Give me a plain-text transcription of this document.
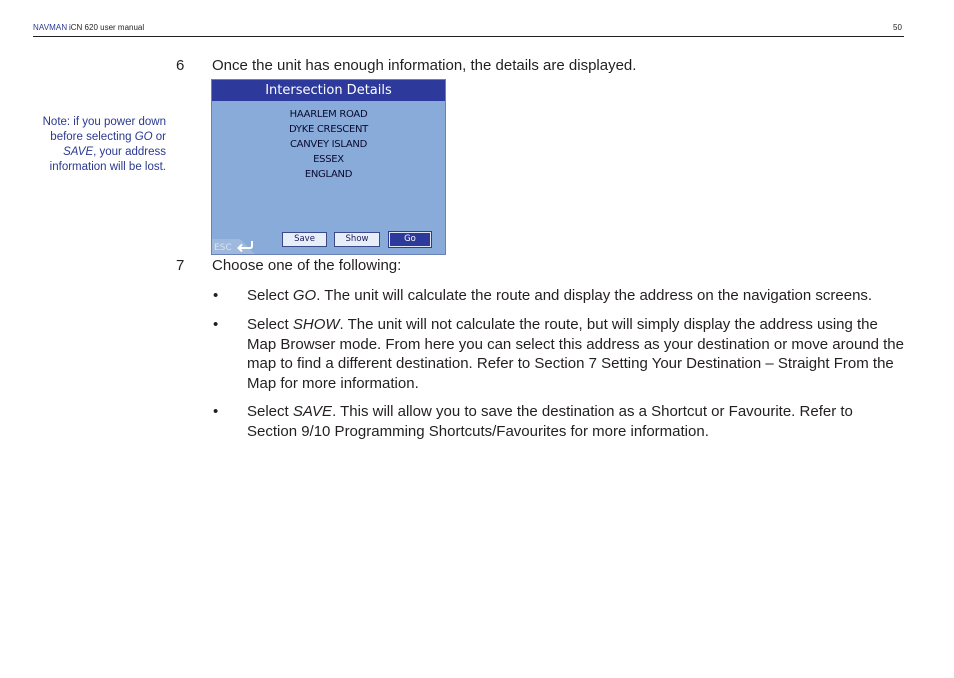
NAVMAN iCN 620 user manual	50
6 Once the unit has enough information, the details are displayed.
Note: if you power down before selecting GO or SAVE, your address information will be lost.
Intersection Details
HAARLEM ROAD
DYKE CRESCENT
CANVEY ISLAND
ESSEX
ENGLAND
Save	Show	Go
ESC
7 Choose one of the following:
• Select GO. The unit will calculate the route and display the address on the navigation screens.
• Select SHOW. The unit will not calculate the route, but will simply display the address using the Map Browser mode. From here you can select this address as your destination or move around the map to find a different destination. Refer to Section 7 Setting Your Destination – Straight From the Map for more information.
• Select SAVE. This will allow you to save the destination as a Shortcut or Favourite. Refer to Section 9/10 Programming Shortcuts/Favourites for more information.
